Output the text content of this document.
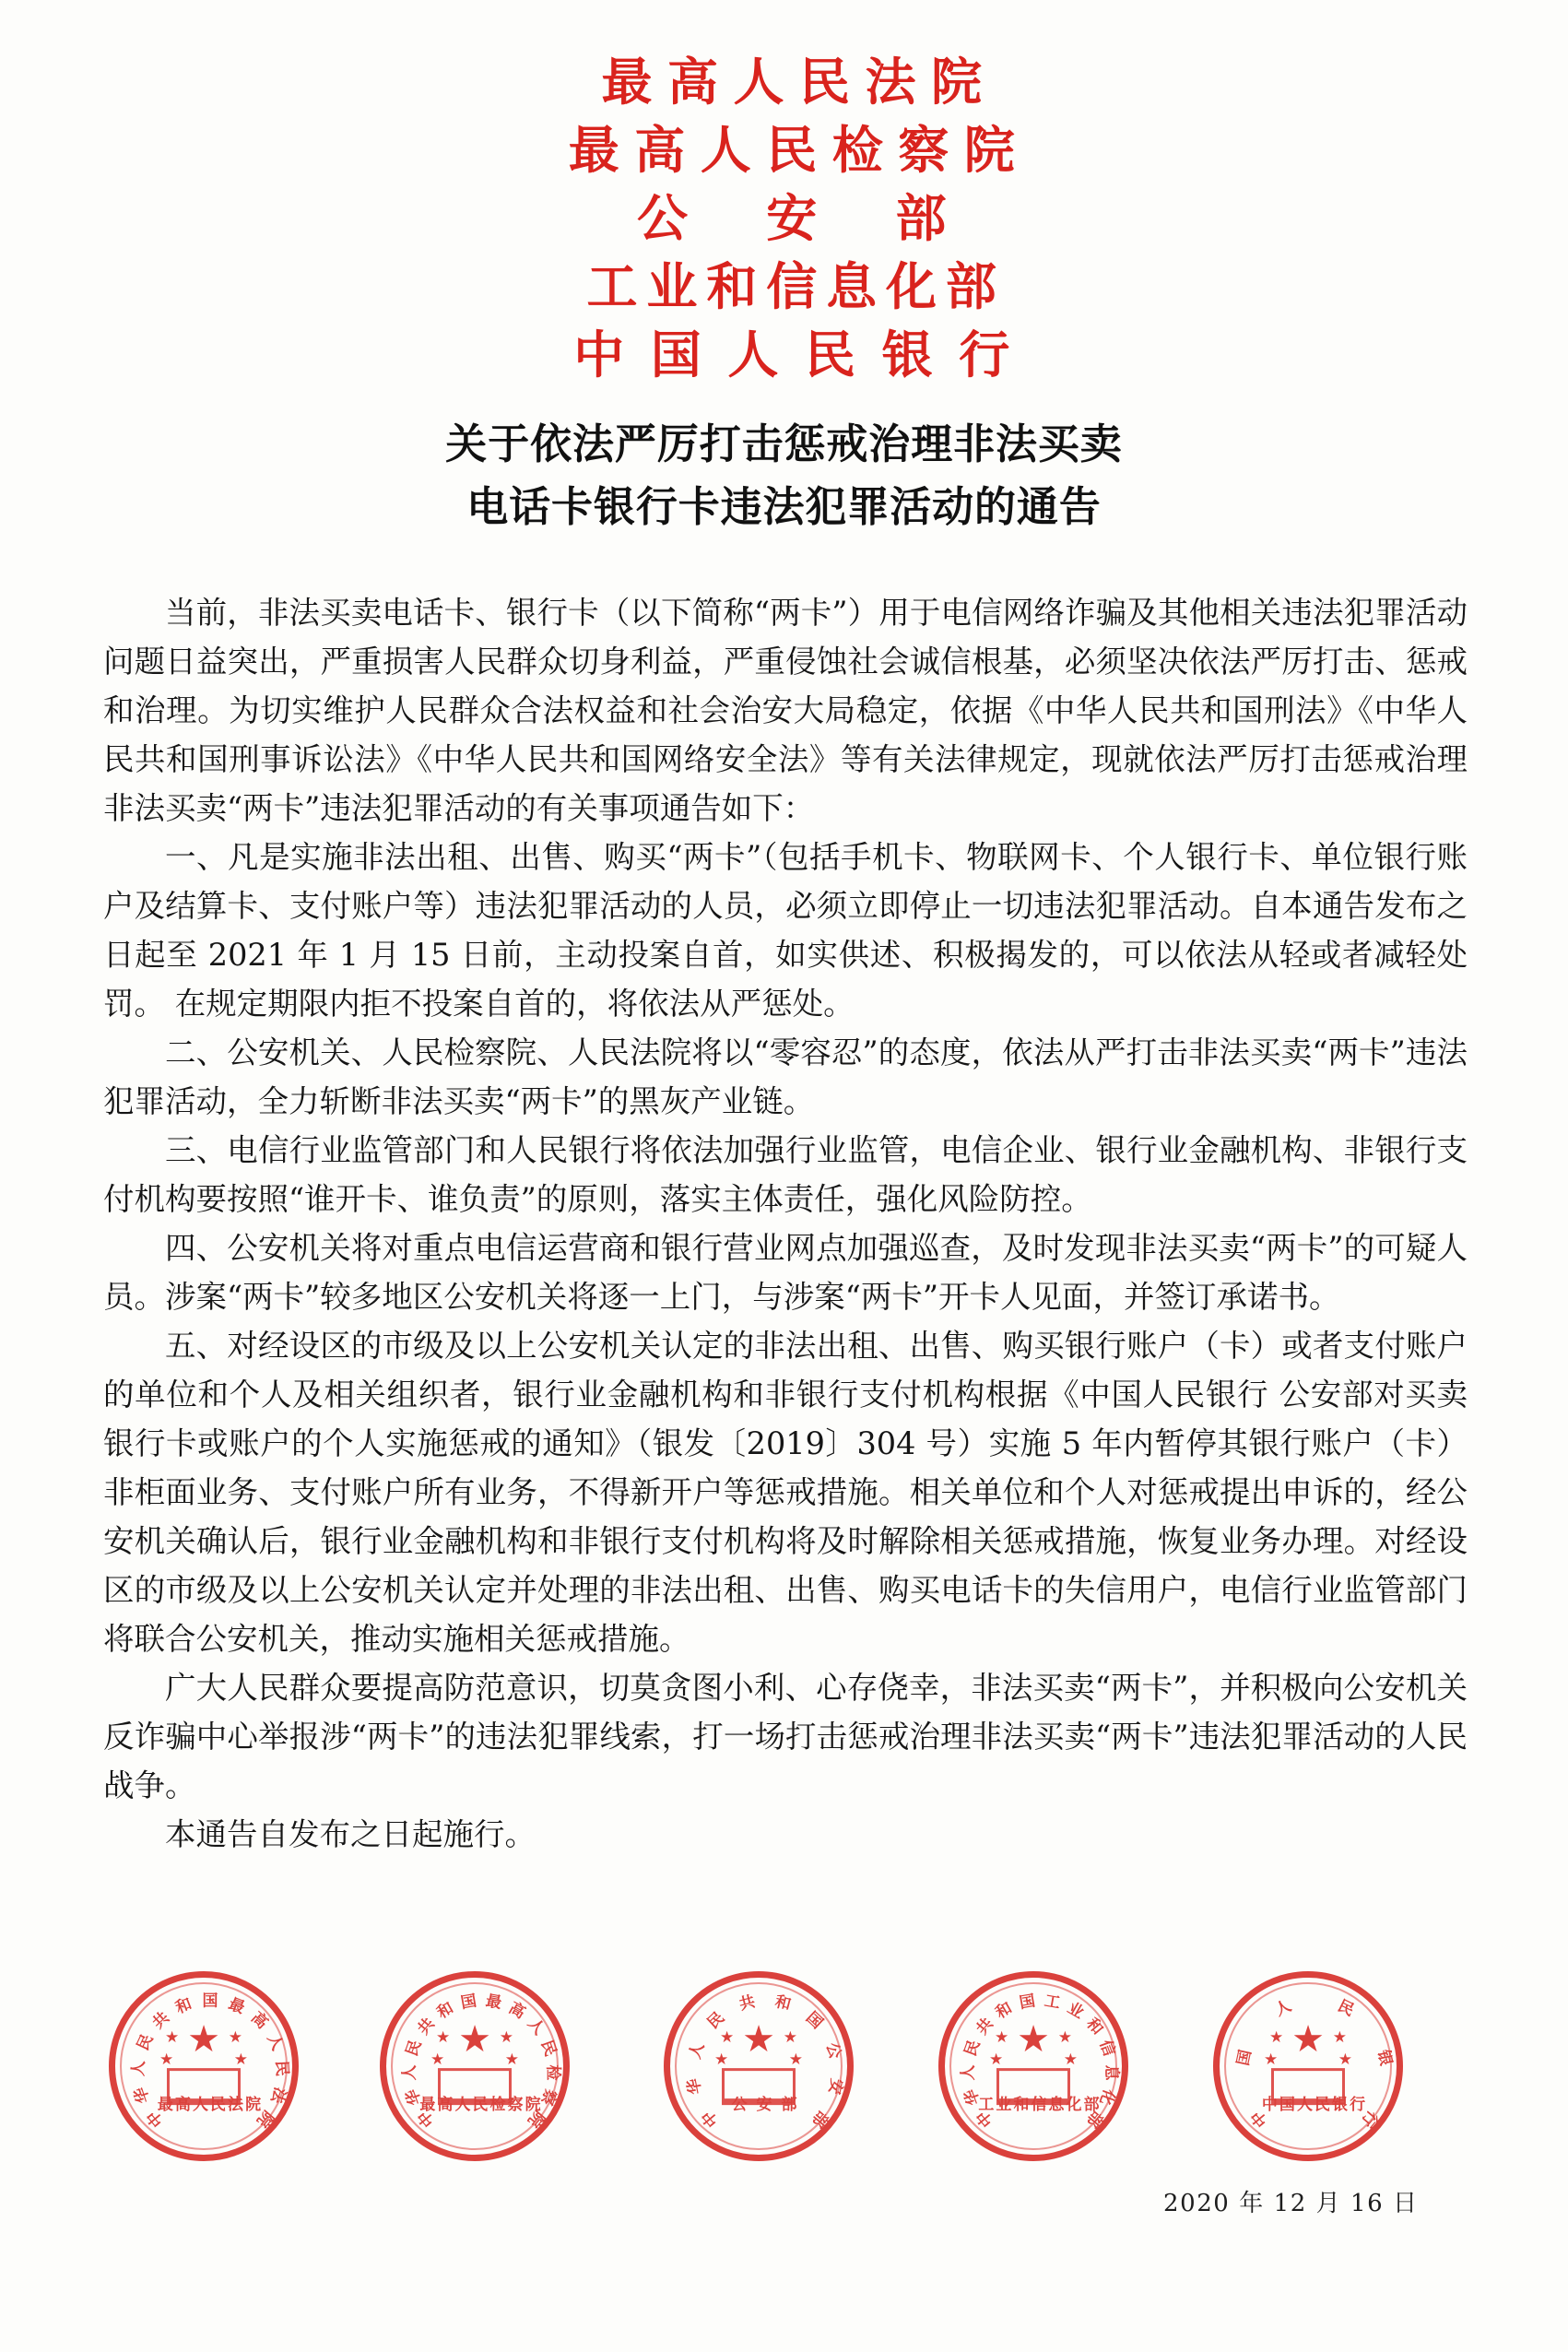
最高人民法院
最高人民检察院
公安部
工业和信息化部
中国人民银行
关于依法严厉打击惩戒治理非法买卖
电话卡银行卡违法犯罪活动的通告

当前，非法买卖电话卡、银行卡（以下简称“两卡”）用于电信网络诈骗及其他相关违法犯罪活动问题日益突出，严重损害人民群众切身利益，严重侵蚀社会诚信根基，必须坚决依法严厉打击、惩戒和治理。为切实维护人民群众合法权益和社会治安大局稳定，依据《中华人民共和国刑法》《中华人民共和国刑事诉讼法》《中华人民共和国网络安全法》等有关法律规定，现就依法严厉打击惩戒治理非法买卖“两卡”违法犯罪活动的有关事项通告如下：

一、凡是实施非法出租、出售、购买“两卡”（包括手机卡、物联网卡、个人银行卡、单位银行账户及结算卡、支付账户等）违法犯罪活动的人员，必须立即停止一切违法犯罪活动。自本通告发布之日起至 2021 年 1 月 15 日前，主动投案自首，如实供述、积极揭发的，可以依法从轻或者减轻处罚。 在规定期限内拒不投案自首的，将依法从严惩处。

二、公安机关、人民检察院、人民法院将以“零容忍”的态度，依法从严打击非法买卖“两卡”违法犯罪活动，全力斩断非法买卖“两卡”的黑灰产业链。

三、电信行业监管部门和人民银行将依法加强行业监管，电信企业、银行业金融机构、非银行支付机构要按照“谁开卡、谁负责”的原则，落实主体责任，强化风险防控。

四、公安机关将对重点电信运营商和银行营业网点加强巡查，及时发现非法买卖“两卡”的可疑人员。涉案“两卡”较多地区公安机关将逐一上门，与涉案“两卡”开卡人见面，并签订承诺书。

五、对经设区的市级及以上公安机关认定的非法出租、出售、购买银行账户（卡）或者支付账户的单位和个人及相关组织者，银行业金融机构和非银行支付机构根据《中国人民银行 公安部对买卖银行卡或账户的个人实施惩戒的通知》（银发〔2019〕304 号）实施 5 年内暂停其银行账户（卡）非柜面业务、支付账户所有业务，不得新开户等惩戒措施。相关单位和个人对惩戒提出申诉的，经公安机关确认后，银行业金融机构和非银行支付机构将及时解除相关惩戒措施，恢复业务办理。对经设区的市级及以上公安机关认定并处理的非法出租、出售、购买电话卡的失信用户，电信行业监管部门将联合公安机关，推动实施相关惩戒措施。

广大人民群众要提高防范意识，切莫贪图小利、心存侥幸，非法买卖“两卡”，并积极向公安机关反诈骗中心举报涉“两卡”的违法犯罪线索，打一场打击惩戒治理非法买卖“两卡”违法犯罪活动的人民战争。

本通告自发布之日起施行。

中
华
人
民
共
和 国 最
高
人
民
法
院
★
★
★
★
★
最高人民法院
中
华
人
民
共
和 国 最 高
人
民
检
察
院
★
★
★
★
★
最高人民检察院
中
华
人
民
共 和
国
公
安
部
★
★
★
★
★
公 安 部
中
华
人
民
共
和 国 工 业
和
信
息
化
部
★
★
★
★
★
工业和信息化部
中
国
人	民
银
行
★
★
★
★
★
中国人民银行
2020 年 12 月 16 日
